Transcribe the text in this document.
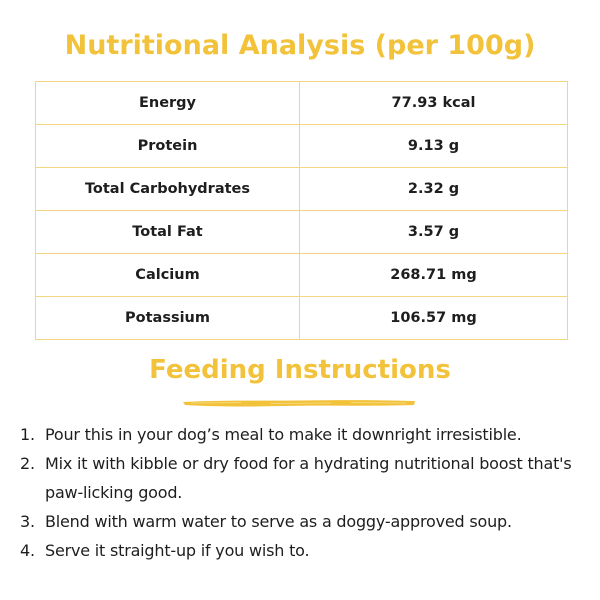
Nutritional Analysis (per 100g)
Energy	77.93 kcal
Protein	9.13 g
Total Carbohydrates	2.32 g
Total Fat	3.57 g
Calcium	268.71 mg
Potassium	106.57 mg
Feeding Instructions
1. Pour this in your dog’s meal to make it downright irresistible.
2. Mix it with kibble or dry food for a hydrating nutritional boost that's paw-licking good.
3. Blend with warm water to serve as a doggy-approved soup.
4. Serve it straight-up if you wish to.
